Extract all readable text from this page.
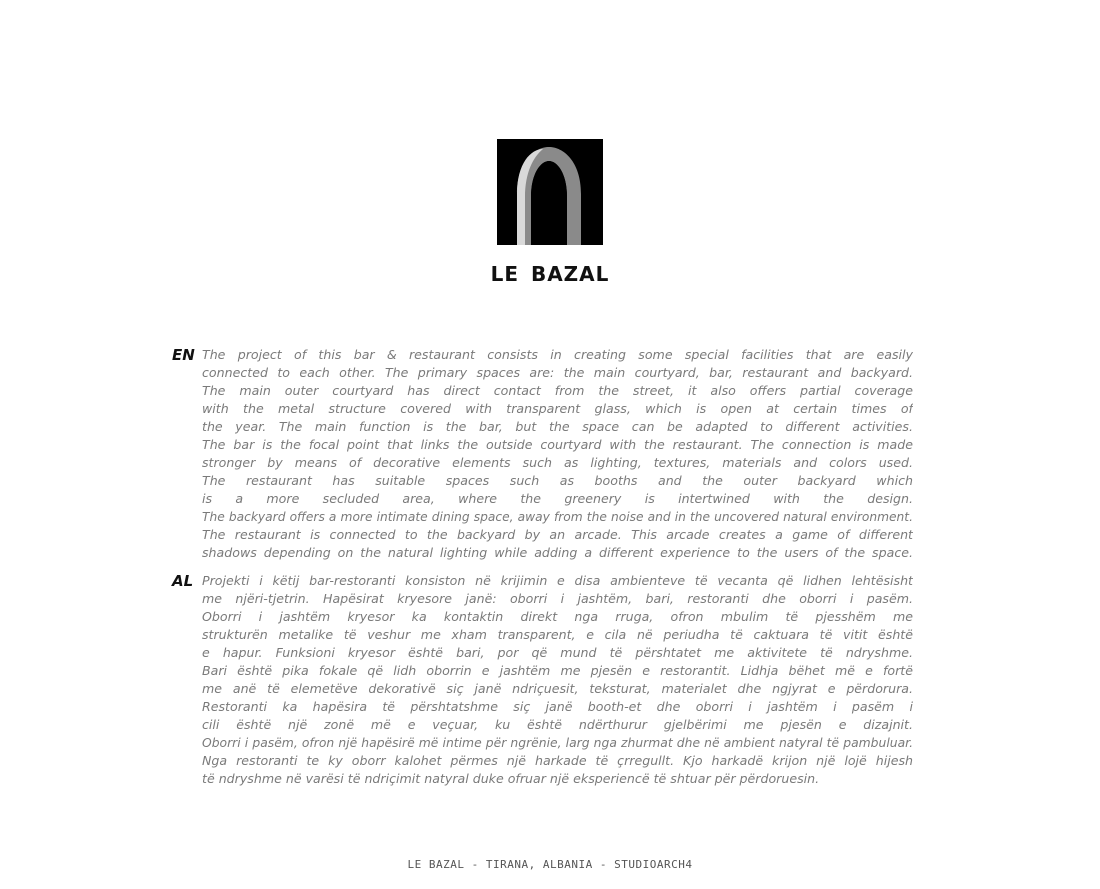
LE BAZAL
EN The project of this bar & restaurant consists in creating some special facilities that are easily
connected to each other. The primary spaces are: the main courtyard, bar, restaurant and backyard.
The main outer courtyard has direct contact from the street, it also offers partial coverage
with the metal structure covered with transparent glass, which is open at certain times of
the year. The main function is the bar, but the space can be adapted to different activities.
The bar is the focal point that links the outside courtyard with the restaurant. The connection is made
stronger by means of decorative elements such as lighting, textures, materials and colors used.
The restaurant has suitable spaces such as booths and the outer backyard which
is a more secluded area, where the greenery is intertwined with the design.
The backyard offers a more intimate dining space, away from the noise and in the uncovered natural environment.
The restaurant is connected to the backyard by an arcade. This arcade creates a game of different
shadows depending on the natural lighting while adding a different experience to the users of the space.
AL Projekti i këtij bar-restoranti konsiston në krijimin e disa ambienteve të vecanta që lidhen lehtësisht
me njëri-tjetrin. Hapësirat kryesore janë: oborri i jashtëm, bari, restoranti dhe oborri i pasëm.
Oborri i jashtëm kryesor ka kontaktin direkt nga rruga, ofron mbulim të pjesshëm me
strukturën metalike të veshur me xham transparent, e cila në periudha të caktuara të vitit është
e hapur. Funksioni kryesor është bari, por që mund të përshtatet me aktivitete të ndryshme.
Bari është pika fokale që lidh oborrin e jashtëm me pjesën e restorantit. Lidhja bëhet më e fortë
me anë të elemetëve dekorativë siç janë ndriçuesit, teksturat, materialet dhe ngjyrat e përdorura.
Restoranti ka hapësira të përshtatshme siç janë booth-et dhe oborri i jashtëm i pasëm i
cili është një zonë më e veçuar, ku është ndërthurur gjelbërimi me pjesën e dizajnit.
Oborri i pasëm, ofron një hapësirë më intime për ngrënie, larg nga zhurmat dhe në ambient natyral të pambuluar.
Nga restoranti te ky oborr kalohet përmes një harkade të çrregullt. Kjo harkadë krijon një lojë hijesh
të ndryshme në varësi të ndriçimit natyral duke ofruar një eksperiencë të shtuar për përdoruesin.
LE BAZAL - TIRANA, ALBANIA - STUDIOARCH4
